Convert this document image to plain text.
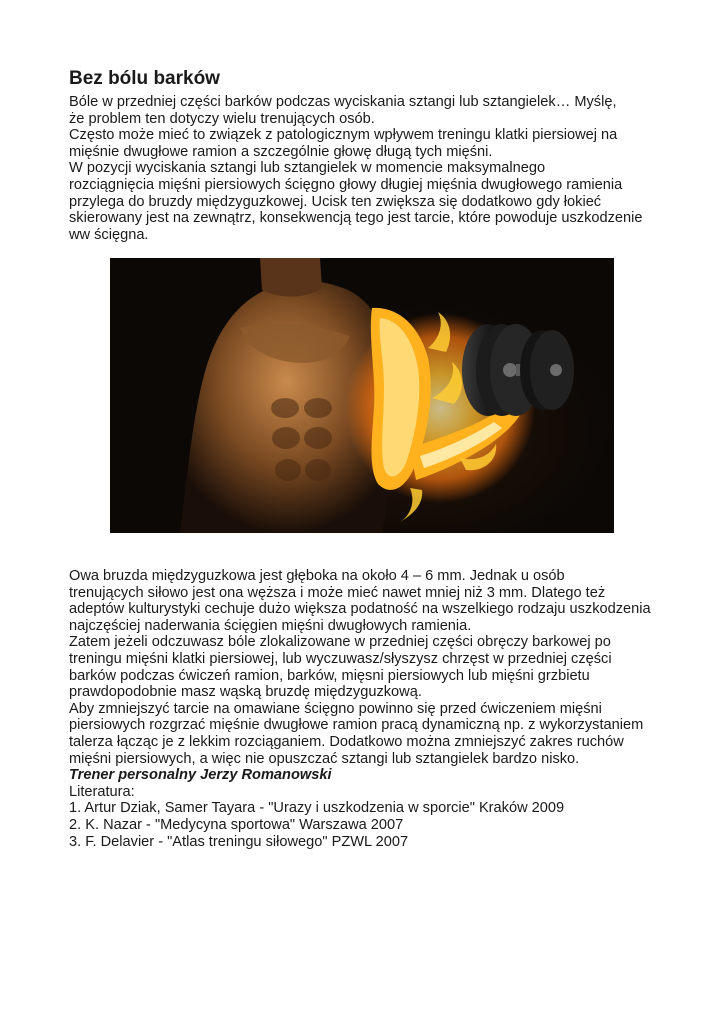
Bez bólu barków

Bóle w przedniej części barków podczas wyciskania sztangi lub sztangielek… Myślę,

że problem ten dotyczy wielu trenujących osób.

Często może mieć to związek z patologicznym wpływem treningu klatki piersiowej na

mięśnie dwugłowe ramion a szczególnie głowę długą tych mięśni.

W pozycji wyciskania sztangi lub sztangielek w momencie maksymalnego

rozciągnięcia mięśni piersiowych ścięgno głowy długiej mięśnia dwugłowego ramienia

przylega do bruzdy międzyguzkowej. Ucisk ten zwiększa się dodatkowo gdy łokieć

skierowany jest na zewnątrz, konsekwencją tego jest tarcie, które powoduje uszkodzenie

ww ścięgna.

Owa bruzda międzyguzkowa jest głęboka na około 4 – 6 mm. Jednak u osób

trenujących siłowo jest ona węższa i może mieć nawet mniej niż 3 mm. Dlatego też

adeptów kulturystyki cechuje dużo większa podatność na wszelkiego rodzaju uszkodzenia

najczęściej naderwania ścięgien mięśni dwugłowych ramienia.

Zatem jeżeli odczuwasz bóle zlokalizowane w przedniej części obręczy barkowej po

treningu mięśni klatki piersiowej, lub wyczuwasz/słyszysz chrzęst w przedniej części

barków podczas ćwiczeń ramion, barków, mięsni piersiowych lub mięśni grzbietu

prawdopodobnie masz wąską bruzdę międzyguzkową.

Aby zmniejszyć tarcie na omawiane ścięgno powinno się przed ćwiczeniem mięśni

piersiowych rozgrzać mięśnie dwugłowe ramion pracą dynamiczną np. z wykorzystaniem

talerza łącząc je z lekkim rozciąganiem. Dodatkowo można zmniejszyć zakres ruchów

mięśni piersiowych, a więc nie opuszczać sztangi lub sztangielek bardzo nisko.

Trener personalny Jerzy Romanowski

Literatura:

1. Artur Dziak, Samer Tayara - "Urazy i uszkodzenia w sporcie" Kraków 2009

2. K. Nazar - "Medycyna sportowa" Warszawa 2007

3. F. Delavier - "Atlas treningu siłowego" PZWL 2007
